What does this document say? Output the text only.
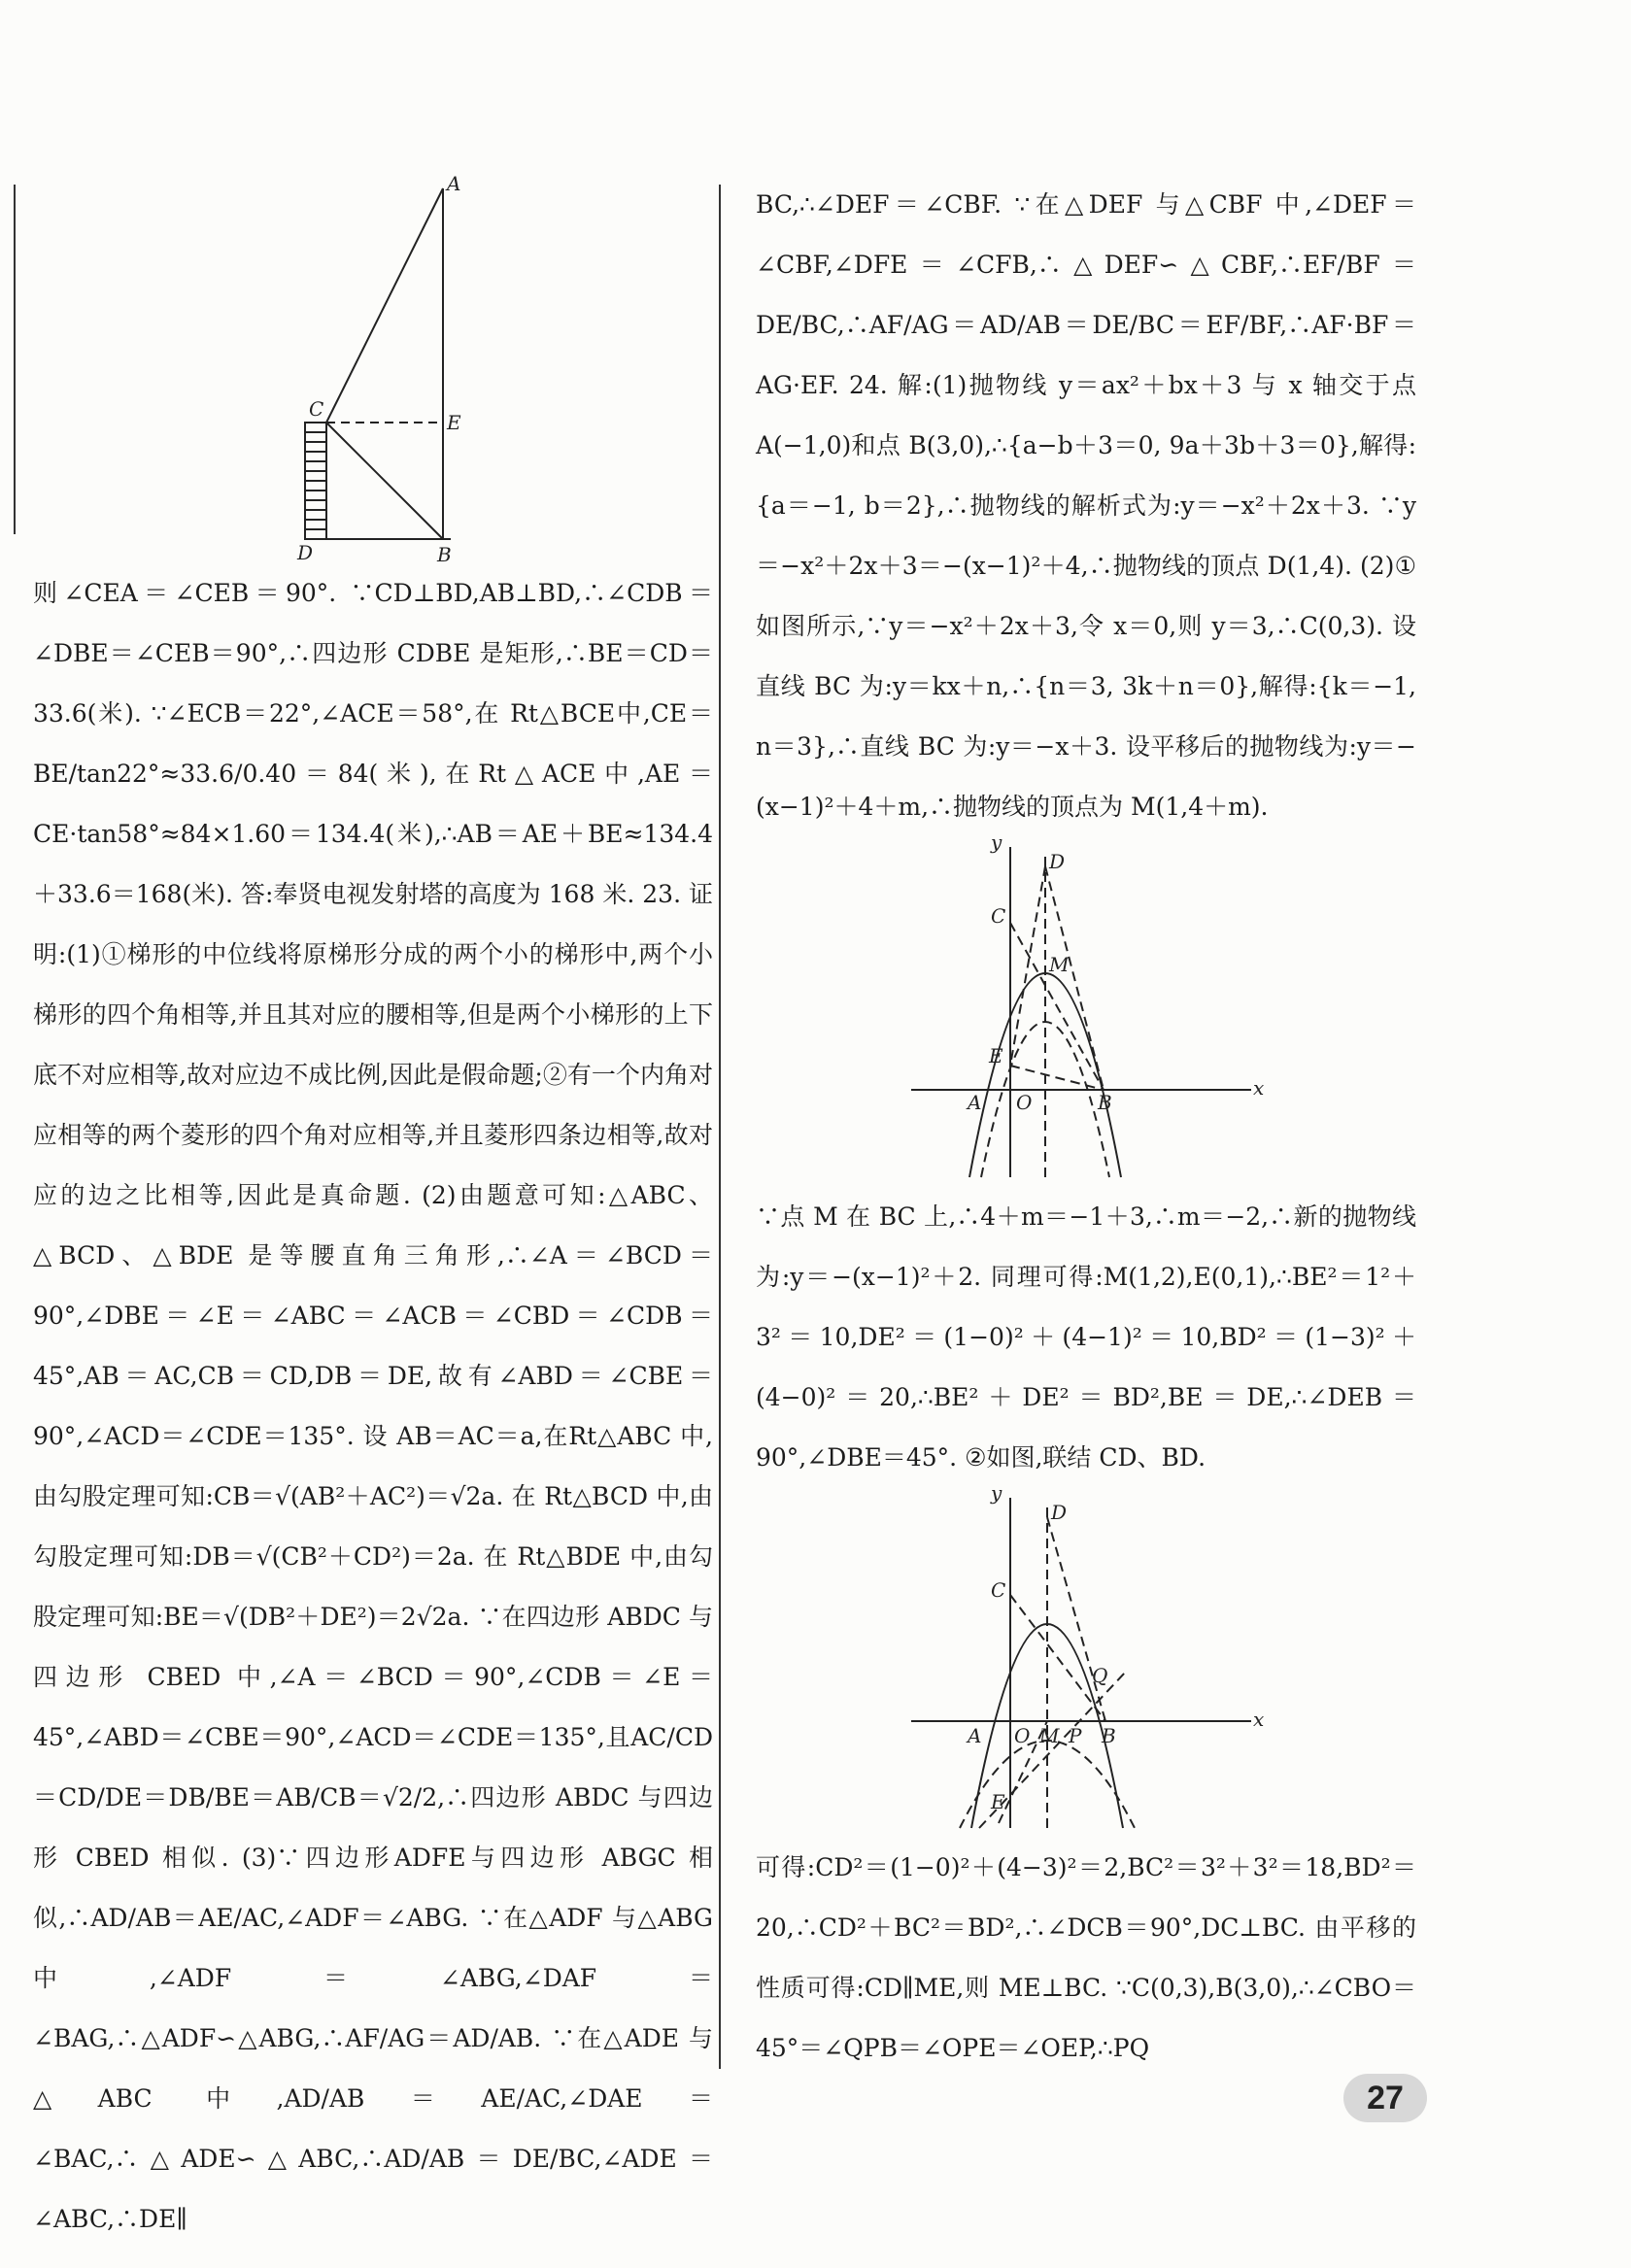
A
C
E
D	B

则∠CEA＝∠CEB＝90°. ∵CD⊥BD,AB⊥BD,∴∠CDB＝∠DBE＝∠CEB＝90°,∴四边形 CDBE 是矩形,∴BE＝CD＝33.6(米). ∵∠ECB＝22°,∠ACE＝58°,在 Rt△BCE中,CE＝BE/tan22°≈33.6/0.40＝84(米),在Rt△ACE中,AE＝CE·tan58°≈84×1.60＝134.4(米),∴AB＝AE＋BE≈134.4＋33.6＝168(米). 答:奉贤电视发射塔的高度为 168 米. 23. 证明:(1)①梯形的中位线将原梯形分成的两个小的梯形中,两个小梯形的四个角相等,并且其对应的腰相等,但是两个小梯形的上下底不对应相等,故对应边不成比例,因此是假命题;②有一个内角对应相等的两个菱形的四个角对应相等,并且菱形四条边相等,故对应的边之比相等,因此是真命题. (2)由题意可知:△ABC、△BCD、△BDE 是等腰直角三角形,∴∠A＝∠BCD＝90°,∠DBE＝∠E＝∠ABC＝∠ACB＝∠CBD＝∠CDB＝45°,AB＝AC,CB＝CD,DB＝DE,故有∠ABD＝∠CBE＝90°,∠ACD＝∠CDE＝135°. 设 AB＝AC＝a,在Rt△ABC 中,由勾股定理可知:CB＝√(AB²＋AC²)＝√2a. 在 Rt△BCD 中,由勾股定理可知:DB＝√(CB²＋CD²)＝2a. 在 Rt△BDE 中,由勾股定理可知:BE＝√(DB²＋DE²)＝2√2a. ∵在四边形 ABDC 与四边形 CBED 中,∠A＝∠BCD＝90°,∠CDB＝∠E＝45°,∠ABD＝∠CBE＝90°,∠ACD＝∠CDE＝135°,且AC/CD＝CD/DE＝DB/BE＝AB/CB＝√2/2,∴四边形 ABDC 与四边形 CBED 相似. (3)∵四边形ADFE与四边形 ABGC 相似,∴AD/AB＝AE/AC,∠ADF＝∠ABG. ∵在△ADF 与△ABG 中,∠ADF＝∠ABG,∠DAF＝∠BAG,∴△ADF∽△ABG,∴AF/AG＝AD/AB. ∵在△ADE 与△ABC 中,AD/AB＝AE/AC,∠DAE＝∠BAC,∴△ADE∽△ABC,∴AD/AB＝DE/BC,∠ADE＝∠ABC,∴DE∥

BC,∴∠DEF＝∠CBF. ∵在△DEF 与△CBF 中,∠DEF＝∠CBF,∠DFE＝∠CFB,∴△DEF∽△CBF,∴EF/BF＝DE/BC,∴AF/AG＝AD/AB＝DE/BC＝EF/BF,∴AF·BF＝AG·EF. 24. 解:(1)抛物线 y＝ax²＋bx＋3 与 x 轴交于点 A(−1,0)和点 B(3,0),∴{a−b＋3＝0, 9a＋3b＋3＝0},解得:{a＝−1, b＝2},∴抛物线的解析式为:y＝−x²＋2x＋3. ∵y＝−x²＋2x＋3＝−(x−1)²＋4,∴抛物线的顶点 D(1,4). (2)①如图所示,∵y＝−x²＋2x＋3,令 x＝0,则 y＝3,∴C(0,3). 设直线 BC 为:y＝kx＋n,∴{n＝3, 3k＋n＝0},解得:{k＝−1, n＝3},∴直线 BC 为:y＝−x＋3. 设平移后的抛物线为:y＝−(x−1)²＋4＋m,∴抛物线的顶点为 M(1,4＋m).

y
x
D
C
M
E
A O	B

∵点 M 在 BC 上,∴4＋m＝−1＋3,∴m＝−2,∴新的抛物线为:y＝−(x−1)²＋2. 同理可得:M(1,2),E(0,1),∴BE²＝1²＋3²＝10,DE²＝(1−0)²＋(4−1)²＝10,BD²＝(1−3)²＋(4−0)²＝20,∴BE²＋DE²＝BD²,BE＝DE,∴∠DEB＝90°,∠DBE＝45°. ②如图,联结 CD、BD.

y
x
D
C
Q
A O M P B
E

可得:CD²＝(1−0)²＋(4−3)²＝2,BC²＝3²＋3²＝18,BD²＝20,∴CD²＋BC²＝BD²,∴∠DCB＝90°,DC⊥BC. 由平移的性质可得:CD∥ME,则 ME⊥BC. ∵C(0,3),B(3,0),∴∠CBO＝45°＝∠QPB＝∠OPE＝∠OEP,∴PQ

27
